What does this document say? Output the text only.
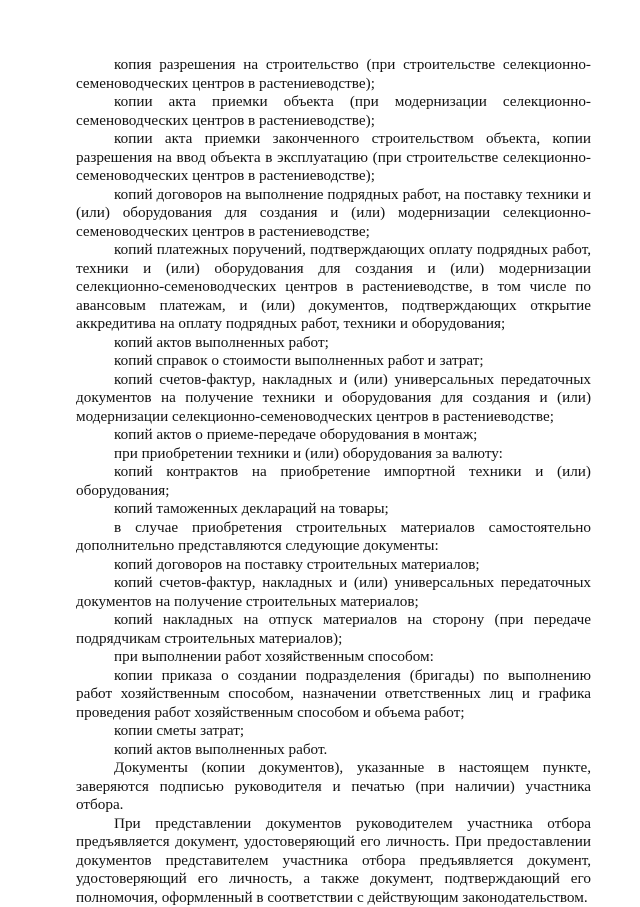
копия разрешения на строительство (при строительстве селекционно-семеноводческих центров в растениеводстве);

копии акта приемки объекта (при модернизации селекционно-семеноводческих центров в растениеводстве);

копии акта приемки законченного строительством объекта, копии разрешения на ввод объекта в эксплуатацию (при строительстве селекционно-семеноводческих центров в растениеводстве);

копий договоров на выполнение подрядных работ, на поставку техники и (или) оборудования для создания и (или) модернизации селекционно-семеноводческих центров в растениеводстве;

копий платежных поручений, подтверждающих оплату подрядных работ, техники и (или) оборудования для создания и (или) модернизации селекционно-семеноводческих центров в растениеводстве, в том числе по авансовым платежам, и (или) документов, подтверждающих открытие аккредитива на оплату подрядных работ, техники и оборудования;

копий актов выполненных работ;

копий справок о стоимости выполненных работ и затрат;

копий счетов-фактур, накладных и (или) универсальных передаточных документов на получение техники и оборудования для создания и (или) модернизации селекционно-семеноводческих центров в растениеводстве;

копий актов о приеме-передаче оборудования в монтаж;

при приобретении техники и (или) оборудования за валюту:

копий контрактов на приобретение импортной техники и (или) оборудования;

копий таможенных деклараций на товары;

в случае приобретения строительных материалов самостоятельно дополнительно представляются следующие документы:

копий договоров на поставку строительных материалов;

копий счетов-фактур, накладных и (или) универсальных передаточных документов на получение строительных материалов;

копий накладных на отпуск материалов на сторону (при передаче подрядчикам строительных материалов);

при выполнении работ хозяйственным способом:

копии приказа о создании подразделения (бригады) по выполнению работ хозяйственным способом, назначении ответственных лиц и графика проведения работ хозяйственным способом и объема работ;

копии сметы затрат;

копий актов выполненных работ.

Документы (копии документов), указанные в настоящем пункте, заверяются подписью руководителя и печатью (при наличии) участника отбора.

При представлении документов руководителем участника отбора предъявляется документ, удостоверяющий его личность. При предоставлении документов представителем участника отбора предъявляется документ, удостоверяющий его личность, а также документ, подтверждающий его полномочия, оформленный в соответствии с действующим законодательством.
